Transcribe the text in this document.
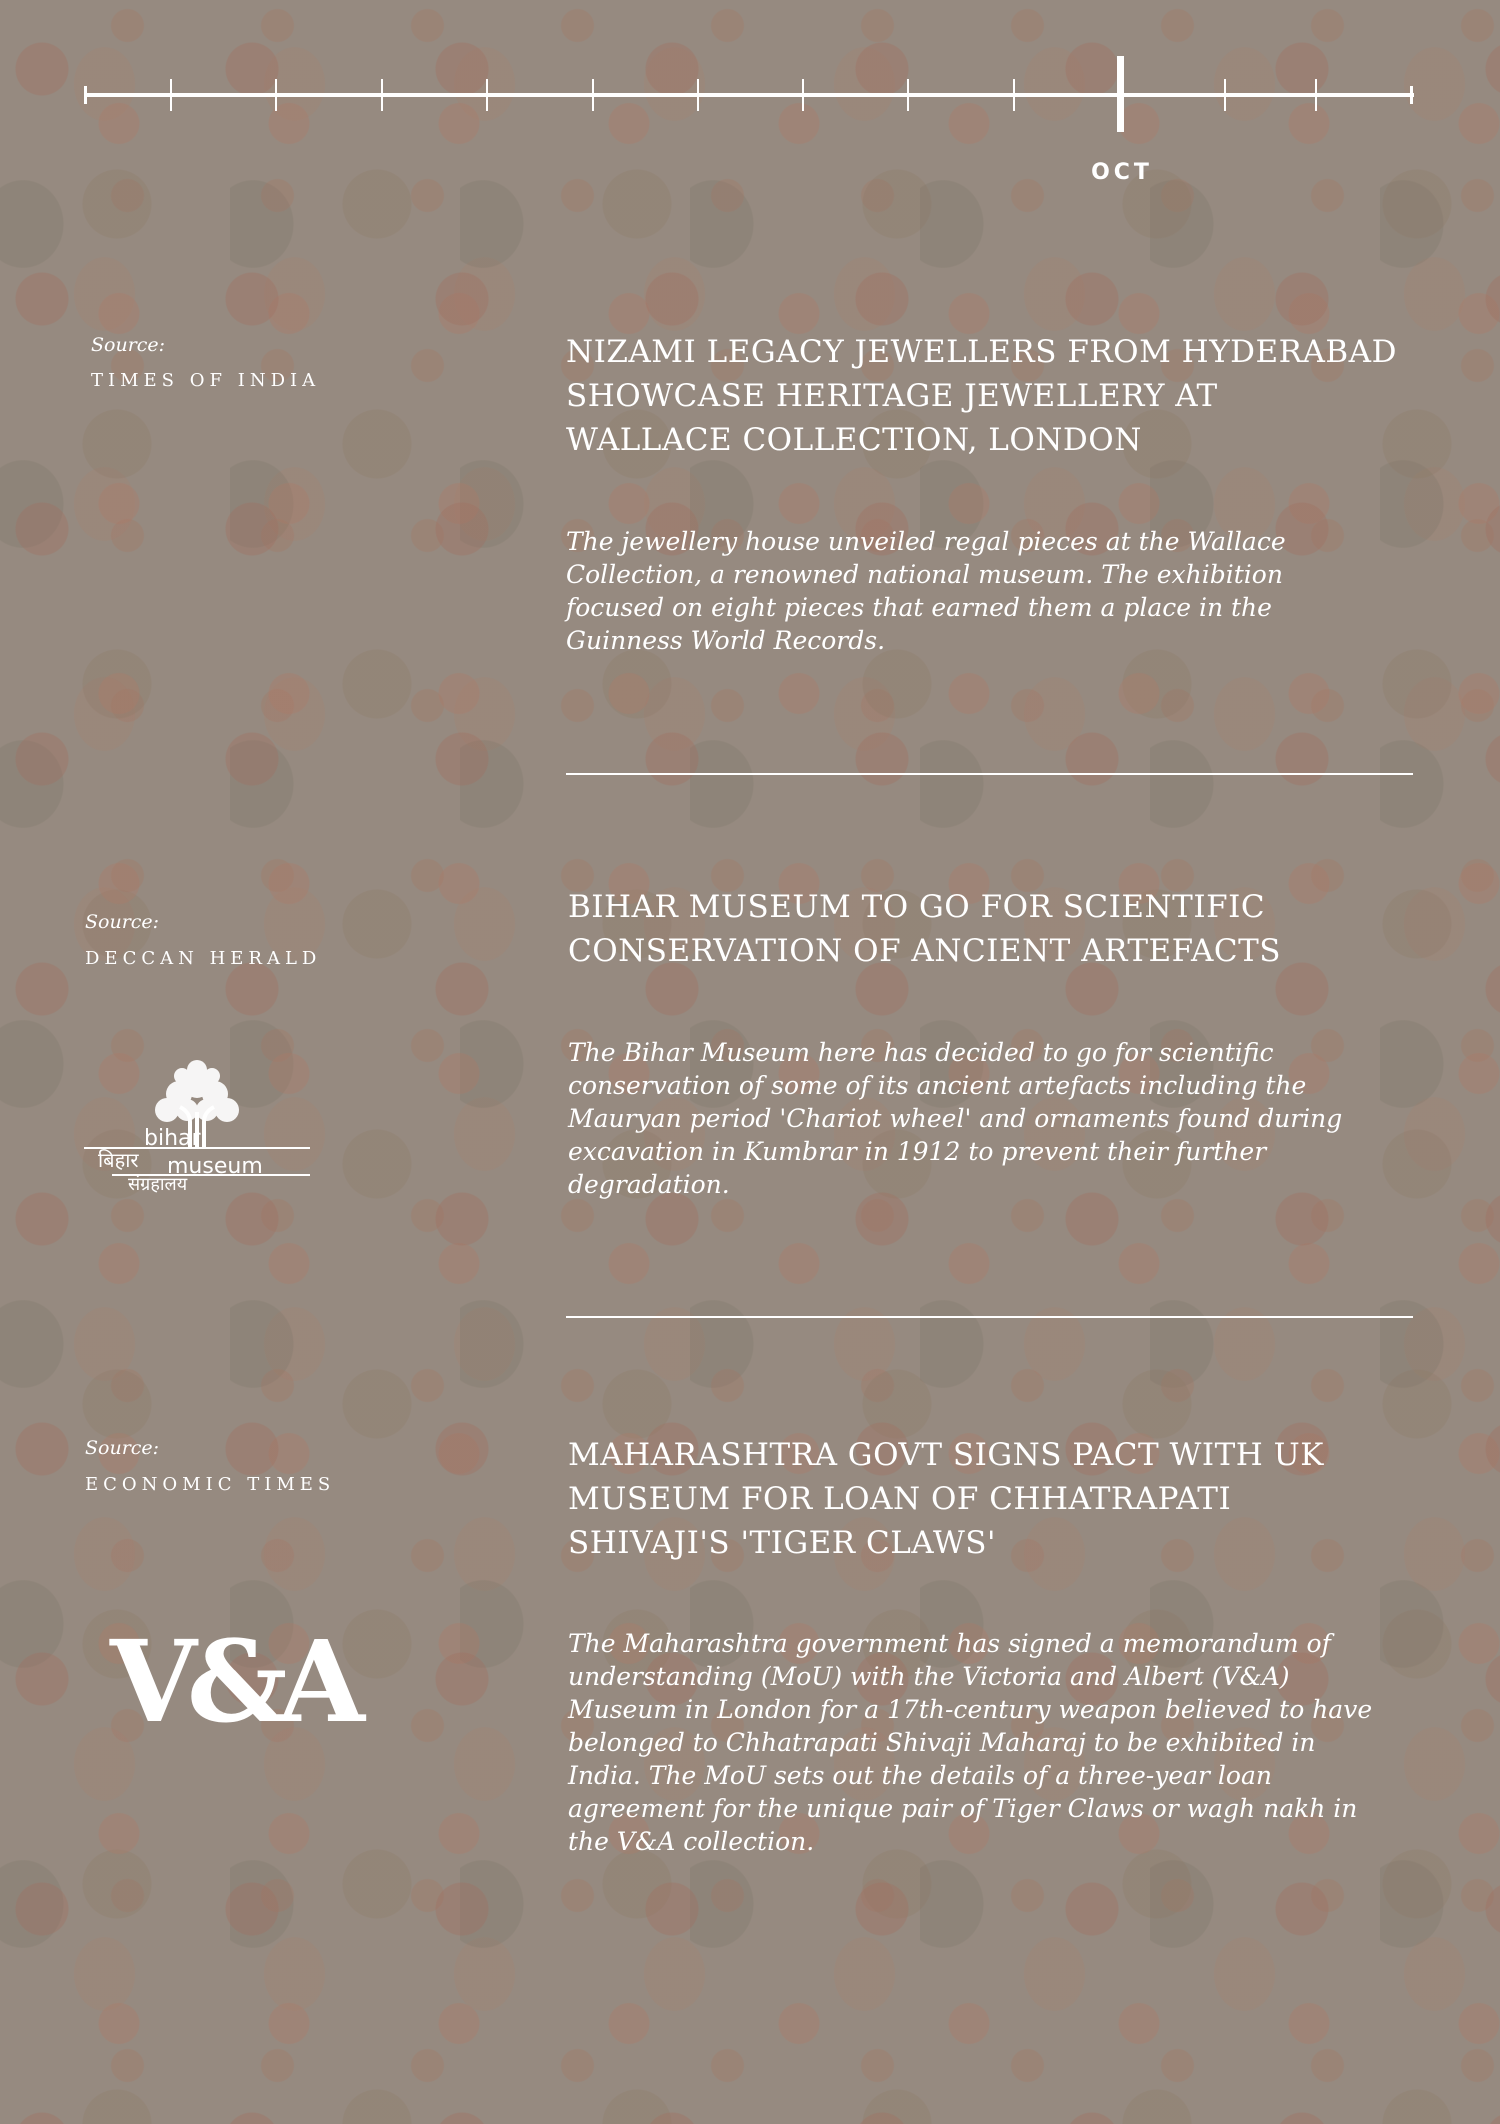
OCT
Source:
TIMES OF INDIA
NIZAMI LEGACY JEWELLERS FROM HYDERABAD
SHOWCASE HERITAGE JEWELLERY AT
WALLACE COLLECTION, LONDON

The jewellery house unveiled regal pieces at the Wallace
Collection, a renowned national museum. The exhibition
focused on eight pieces that earned them a place in the
Guinness World Records.

Source:
DECCAN HERALD
bihar
museum
बिहार
संग्रहालय
BIHAR MUSEUM TO GO FOR SCIENTIFIC
CONSERVATION OF ANCIENT ARTEFACTS

The Bihar Museum here has decided to go for scientific
conservation of some of its ancient artefacts including the
Mauryan period 'Chariot wheel' and ornaments found during
excavation in Kumbrar in 1912 to prevent their further
degradation.

Source:
ECONOMIC TIMES
V&A
MAHARASHTRA GOVT SIGNS PACT WITH UK
MUSEUM FOR LOAN OF CHHATRAPATI
SHIVAJI'S 'TIGER CLAWS'

The Maharashtra government has signed a memorandum of
understanding (MoU) with the Victoria and Albert (V&A)
Museum in London for a 17th-century weapon believed to have
belonged to Chhatrapati Shivaji Maharaj to be exhibited in
India. The MoU sets out the details of a three-year loan
agreement for the unique pair of Tiger Claws or wagh nakh in
the V&A collection.
